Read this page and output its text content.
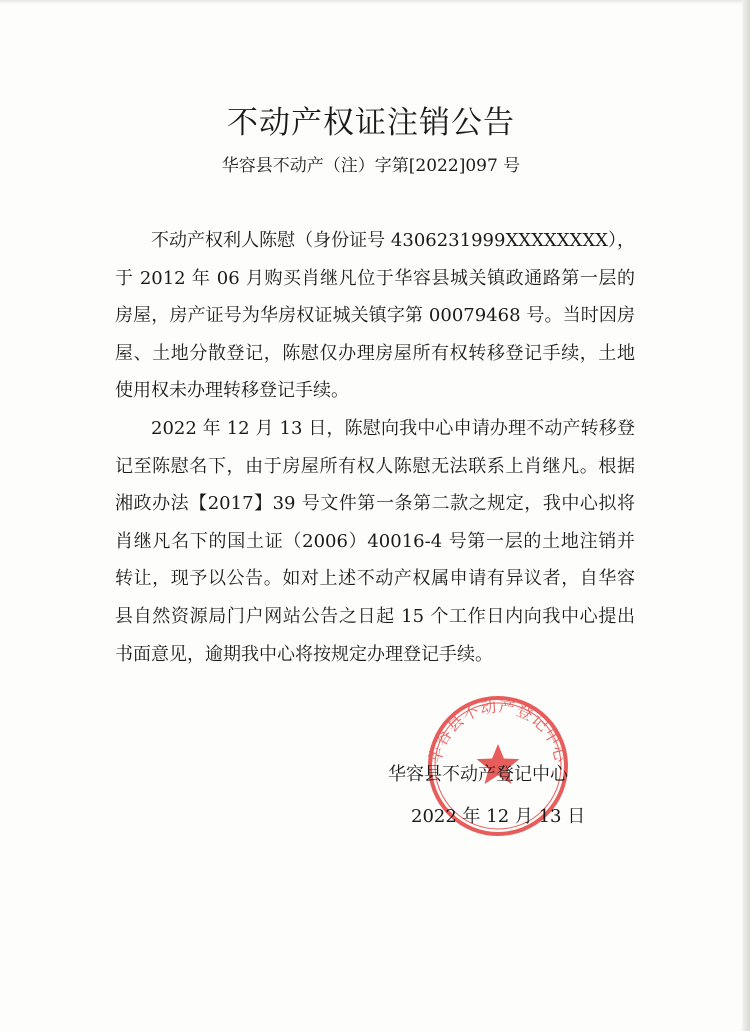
不动产权证注销公告
华容县不动产（注）字第[2022]097 号

不动产权利人陈慰（身份证号 4306231999XXXXXXXX），于 2012 年 06 月购买肖继凡位于华容县城关镇政通路第一层的房屋，房产证号为华房权证城关镇字第 00079468 号。当时因房屋、土地分散登记，陈慰仅办理房屋所有权转移登记手续，土地使用权未办理转移登记手续。

2022 年 12 月 13 日，陈慰向我中心申请办理不动产转移登记至陈慰名下，由于房屋所有权人陈慰无法联系上肖继凡。根据湘政办法【2017】39 号文件第一条第二款之规定，我中心拟将肖继凡名下的国土证（2006）40016-4 号第一层的土地注销并转让，现予以公告。如对上述不动产权属申请有异议者，自华容县自然资源局门户网站公告之日起 15 个工作日内向我中心提出书面意见，逾期我中心将按规定办理登记手续。

华容县不动产登记中心
华容县不动产登记中心
2022 年 12 月 13 日
